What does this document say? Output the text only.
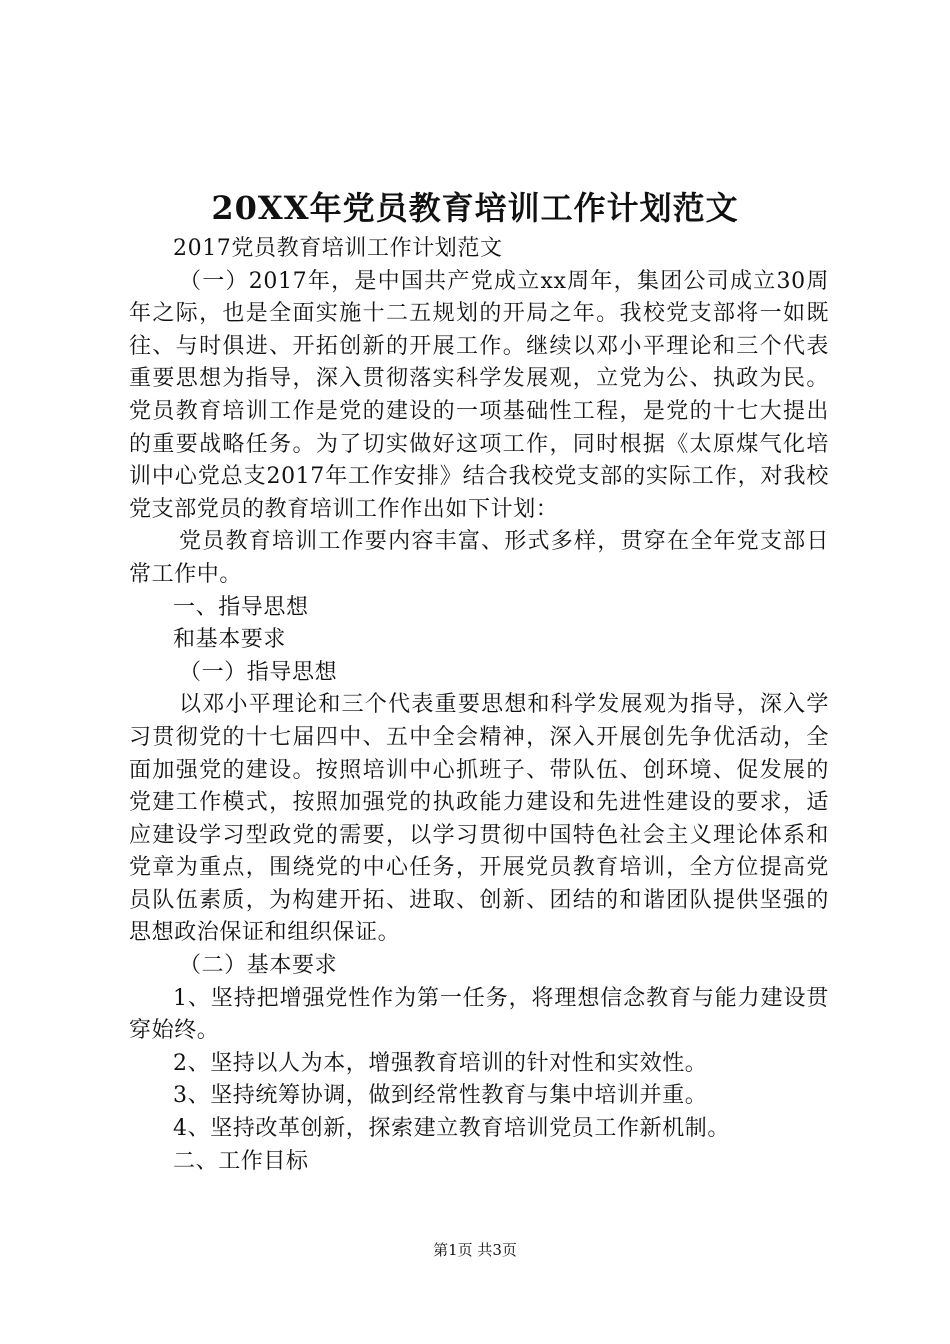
20XX年党员教育培训工作计划范文

2017党员教育培训工作计划范文

（一）2017年，是中国共产党成立xx周年，集团公司成立30周年之际，也是全面实施十二五规划的开局之年。我校党支部将一如既往、与时俱进、开拓创新的开展工作。继续以邓小平理论和三个代表重要思想为指导，深入贯彻落实科学发展观，立党为公、执政为民。党员教育培训工作是党的建设的一项基础性工程，是党的十七大提出的重要战略任务。为了切实做好这项工作，同时根据《太原煤气化培训中心党总支2017年工作安排》结合我校党支部的实际工作，对我校党支部党员的教育培训工作作出如下计划：

党员教育培训工作要内容丰富、形式多样，贯穿在全年党支部日常工作中。

一、指导思想

和基本要求

（一）指导思想

以邓小平理论和三个代表重要思想和科学发展观为指导，深入学习贯彻党的十七届四中、五中全会精神，深入开展创先争优活动，全面加强党的建设。按照培训中心抓班子、带队伍、创环境、促发展的党建工作模式，按照加强党的执政能力建设和先进性建设的要求，适应建设学习型政党的需要，以学习贯彻中国特色社会主义理论体系和党章为重点，围绕党的中心任务，开展党员教育培训，全方位提高党员队伍素质，为构建开拓、进取、创新、团结的和谐团队提供坚强的思想政治保证和组织保证。

（二）基本要求

1、坚持把增强党性作为第一任务，将理想信念教育与能力建设贯穿始终。

2、坚持以人为本，增强教育培训的针对性和实效性。

3、坚持统筹协调，做到经常性教育与集中培训并重。

4、坚持改革创新，探索建立教育培训党员工作新机制。

二、工作目标

第1页 共3页
